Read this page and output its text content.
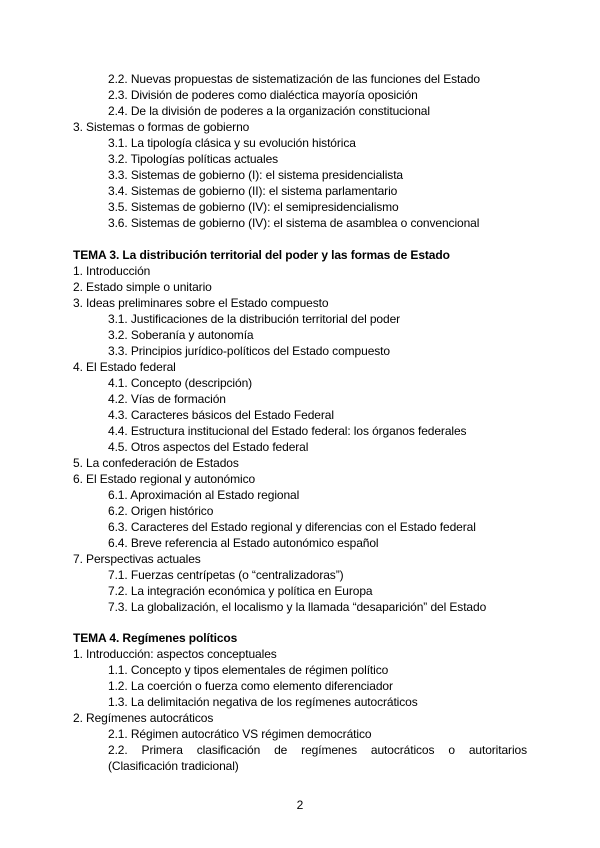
2.2. Nuevas propuestas de sistematización de las funciones del Estado
2.3. División de poderes como dialéctica mayoría oposición
2.4. De la división de poderes a la organización constitucional
3. Sistemas o formas de gobierno
3.1. La tipología clásica y su evolución histórica
3.2. Tipologías políticas actuales
3.3. Sistemas de gobierno (I): el sistema presidencialista
3.4. Sistemas de gobierno (II): el sistema parlamentario
3.5. Sistemas de gobierno (IV): el semipresidencialismo
3.6. Sistemas de gobierno (IV): el sistema de asamblea o convencional
TEMA 3. La distribución territorial del poder y las formas de Estado
1. Introducción
2. Estado simple o unitario
3. Ideas preliminares sobre el Estado compuesto
3.1. Justificaciones de la distribución territorial del poder
3.2. Soberanía y autonomía
3.3. Principios jurídico-políticos del Estado compuesto
4. El Estado federal
4.1. Concepto (descripción)
4.2. Vías de formación
4.3. Caracteres básicos del Estado Federal
4.4. Estructura institucional del Estado federal: los órganos federales
4.5. Otros aspectos del Estado federal
5. La confederación de Estados
6. El Estado regional y autonómico
6.1. Aproximación al Estado regional
6.2. Origen histórico
6.3. Caracteres del Estado regional y diferencias con el Estado federal
6.4. Breve referencia al Estado autonómico español
7. Perspectivas actuales
7.1. Fuerzas centrípetas (o “centralizadoras”)
7.2. La integración económica y política en Europa
7.3. La globalización, el localismo y la llamada “desaparición” del Estado
TEMA 4. Regímenes políticos
1. Introducción: aspectos conceptuales
1.1. Concepto y tipos elementales de régimen político
1.2. La coerción o fuerza como elemento diferenciador
1.3. La delimitación negativa de los regímenes autocráticos
2. Regímenes autocráticos
2.1. Régimen autocrático VS régimen democrático
2.2. Primera clasificación de regímenes autocráticos o autoritarios
(Clasificación tradicional)
2
